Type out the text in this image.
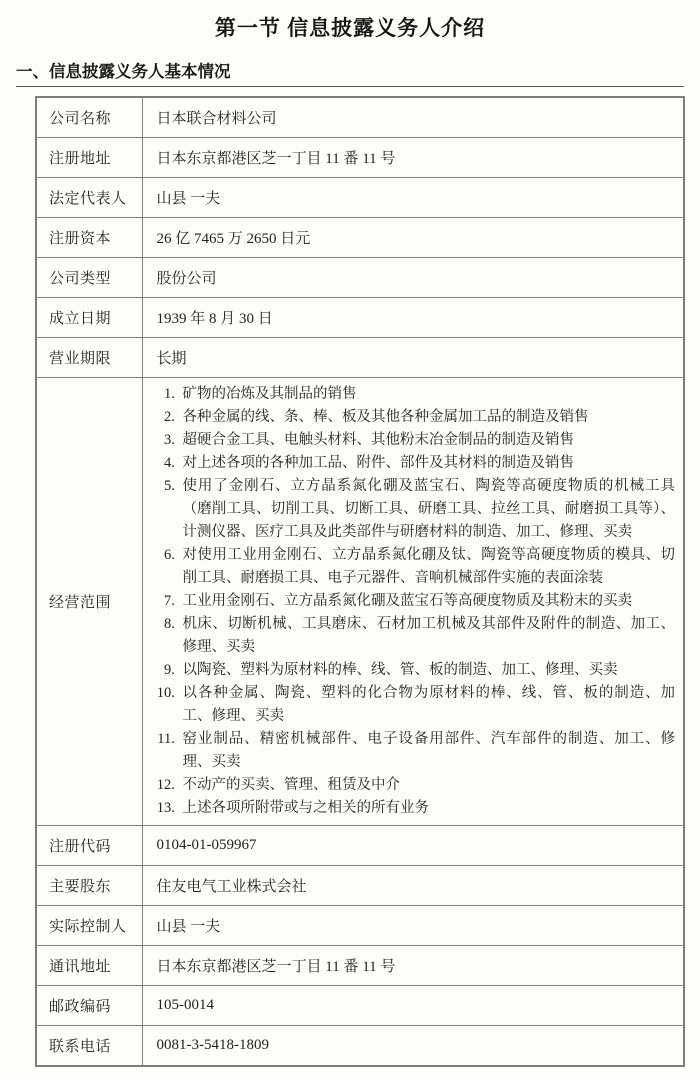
第一节 信息披露义务人介绍
一、信息披露义务人基本情况
公司名称	日本联合材料公司
注册地址	日本东京都港区芝一丁目 11 番 11 号
法定代表人	山县 一夫
注册资本	26 亿 7465 万 2650 日元
公司类型	股份公司
成立日期	1939 年 8 月 30 日
营业期限	长期
经营范围	
1. 矿物的冶炼及其制品的销售
2. 各种金属的线、条、棒、板及其他各种金属加工品的制造及销售
3. 超硬合金工具、电触头材料、其他粉末冶金制品的制造及销售
4. 对上述各项的各种加工品、附件、部件及其材料的制造及销售
5. 使用了金刚石、立方晶系氮化硼及蓝宝石、陶瓷等高硬度物质的机械工具（磨削工具、切削工具、切断工具、研磨工具、拉丝工具、耐磨损工具等）、计测仪器、医疗工具及此类部件与研磨材料的制造、加工、修理、买卖
6. 对使用工业用金刚石、立方晶系氮化硼及钛、陶瓷等高硬度物质的模具、切削工具、耐磨损工具、电子元器件、音响机械部件实施的表面涂装
7. 工业用金刚石、立方晶系氮化硼及蓝宝石等高硬度物质及其粉末的买卖
8. 机床、切断机械、工具磨床、石材加工机械及其部件及附件的制造、加工、修理、买卖
9. 以陶瓷、塑料为原材料的棒、线、管、板的制造、加工、修理、买卖
10. 以各种金属、陶瓷、塑料的化合物为原材料的棒、线、管、板的制造、加工、修理、买卖
11. 窑业制品、精密机械部件、电子设备用部件、汽车部件的制造、加工、修理、买卖
12. 不动产的买卖、管理、租赁及中介
13. 上述各项所附带或与之相关的所有业务

注册代码	0104-01-059967
主要股东	住友电气工业株式会社
实际控制人	山县 一夫
通讯地址	日本东京都港区芝一丁目 11 番 11 号
邮政编码	105-0014
联系电话	0081-3-5418-1809
